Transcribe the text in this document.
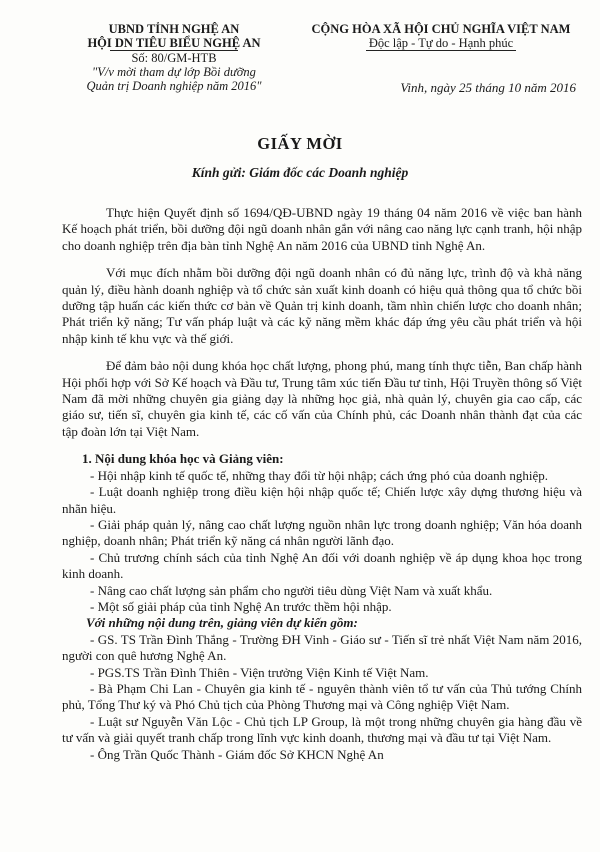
UBND TỈNH NGHỆ AN
HỘI DN TIÊU BIỂU NGHỆ AN
Số: 80/GM-HTB
"V/v mời tham dự lớp Bồi dưỡng
Quản trị Doanh nghiệp năm 2016"
CỘNG HÒA XÃ HỘI CHỦ NGHĨA VIỆT NAM
Độc lập - Tự do - Hạnh phúc
Vinh, ngày 25 tháng 10 năm 2016
GIẤY MỜI
Kính gửi: Giám đốc các Doanh nghiệp

Thực hiện Quyết định số 1694/QĐ-UBND ngày 19 tháng 04 năm 2016 về việc ban hành Kế hoạch phát triển, bồi dưỡng đội ngũ doanh nhân gắn với nâng cao năng lực cạnh tranh, hội nhập cho doanh nghiệp trên địa bàn tỉnh Nghệ An năm 2016 của UBND tỉnh Nghệ An.

Với mục đích nhằm bồi dưỡng đội ngũ doanh nhân có đủ năng lực, trình độ và khả năng quản lý, điều hành doanh nghiệp và tổ chức sản xuất kinh doanh có hiệu quả thông qua tổ chức bồi dưỡng tập huấn các kiến thức cơ bản về Quản trị kinh doanh, tầm nhìn chiến lược cho doanh nhân; Phát triển kỹ năng; Tư vấn pháp luật và các kỹ năng mềm khác đáp ứng yêu cầu phát triển và hội nhập kinh tế khu vực và thế giới.

Để đảm bảo nội dung khóa học chất lượng, phong phú, mang tính thực tiễn, Ban chấp hành Hội phối hợp với Sở Kế hoạch và Đầu tư, Trung tâm xúc tiến Đầu tư tỉnh, Hội Truyền thông số Việt Nam đã mời những chuyên gia giảng dạy là những học giả, nhà quản lý, chuyên gia cao cấp, các giáo sư, tiến sĩ, chuyên gia kinh tế, các cố vấn của Chính phủ, các Doanh nhân thành đạt của các tập đoàn lớn tại Việt Nam.

1. Nội dung khóa học và Giảng viên:

- Hội nhập kinh tế quốc tế, những thay đổi từ hội nhập; cách ứng phó của doanh nghiệp.

- Luật doanh nghiệp trong điều kiện hội nhập quốc tế; Chiến lược xây dựng thương hiệu và nhãn hiệu.

- Giải pháp quản lý, nâng cao chất lượng nguồn nhân lực trong doanh nghiệp; Văn hóa doanh nghiệp, doanh nhân; Phát triển kỹ năng cá nhân người lãnh đạo.

- Chủ trương chính sách của tỉnh Nghệ An đối với doanh nghiệp về áp dụng khoa học trong kinh doanh.

- Nâng cao chất lượng sản phẩm cho người tiêu dùng Việt Nam và xuất khẩu.

- Một số giải pháp của tỉnh Nghệ An trước thềm hội nhập.

Với những nội dung trên, giảng viên dự kiến gồm:

- GS. TS Trần Đình Thắng - Trường ĐH Vinh - Giáo sư - Tiến sĩ trẻ nhất Việt Nam năm 2016, người con quê hương Nghệ An.

- PGS.TS Trần Đình Thiên - Viện trưởng Viện Kinh tế Việt Nam.

- Bà Phạm Chi Lan - Chuyên gia kinh tế - nguyên thành viên tổ tư vấn của Thủ tướng Chính phủ, Tổng Thư ký và Phó Chủ tịch của Phòng Thương mại và Công nghiệp Việt Nam.

- Luật sư Nguyễn Văn Lộc - Chủ tịch LP Group, là một trong những chuyên gia hàng đầu về tư vấn và giải quyết tranh chấp trong lĩnh vực kinh doanh, thương mại và đầu tư tại Việt Nam.

- Ông Trần Quốc Thành - Giám đốc Sở KHCN Nghệ An
